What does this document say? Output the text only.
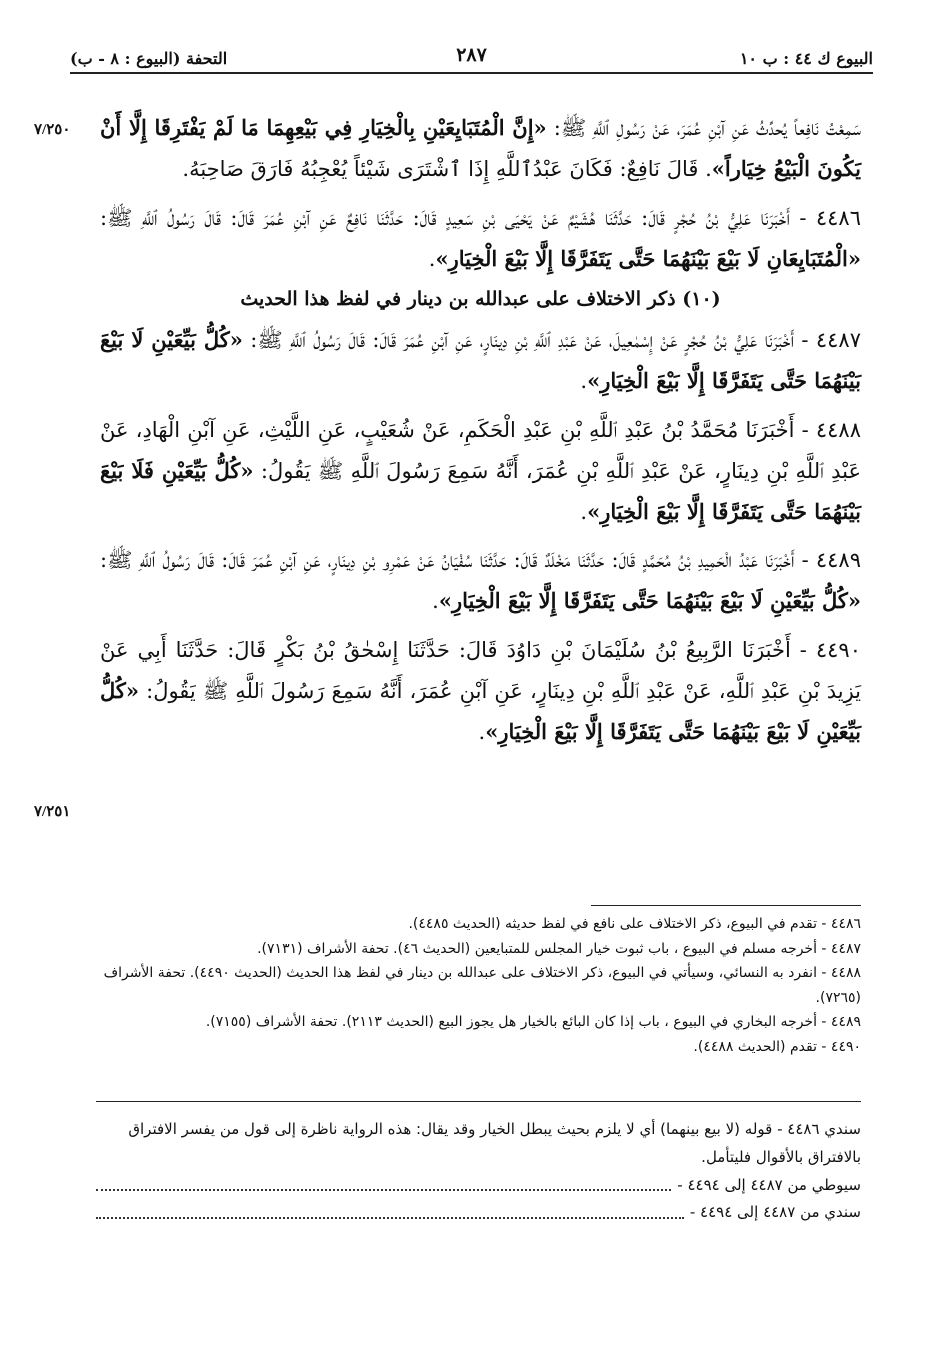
البيوع ك ٤٤ : ب ١٠
٢٨٧
التحفة (البيوع : ٨ - ب)
٧/٢٥٠
٧/٢٥١

سَمِعْتُ نَافِعاً يُحدِّثُ عَنِ آبْنِ عُمَرَ، عَنْ رَسُولِ ٱللَّهِ ﷺ: «إِنَّ الْمُتَبَايِعَيْنِ بِالْخِيَارِ فِي بَيْعِهِمَا مَا لَمْ يَفْتَرِقَا إِلَّا أَنْ يَكُونَ الْبَيْعُ خِيَاراً». قَالَ نَافِعٌ: فَكَانَ عَبْدُٱللَّهِ إِذَا ٱشْتَرَى شَيْئاً يُعْجِبُهُ فَارَقَ صَاحِبَهُ.

٤٤٨٦ - أَخْبَرَنَا عَلِيُّ بْنُ حُجْرٍ قَالَ: حَدَّثَنَا هُشَيْمٌ عَنْ يَحْيَى بْنِ سَعِيدٍ قَالَ: حَدَّثَنَا نَافِعٌ عَنِ آبْنِ عُمَرَ قَالَ: قَالَ رَسُولُ ٱللَّهِ ﷺ: «الْمُتَبَايِعَانِ لَا بَيْعَ بَيْنَهُمَا حَتَّى يَتَفَرَّقَا إِلَّا بَيْعَ الْخِيَارِ».

(١٠) ذكر الاختلاف على عبدالله بن دينار في لفظ هذا الحديث

٤٤٨٧ - أَخْبَرَنَا عَلِيُّ بْنُ حُجْرٍ عَنْ إِسْمٰعِيلَ، عَنْ عَبْدِ ٱللَّهِ بْنِ دِينَارٍ، عَنِ آبْنِ عُمَرَ قَالَ: قَالَ رَسُولُ ٱللَّهِ ﷺ: «كُلُّ بَيِّعَيْنِ لَا بَيْعَ بَيْنَهُمَا حَتَّى يَتَفَرَّقَا إِلَّا بَيْعَ الْخِيَارِ».

٤٤٨٨ - أَخْبَرَنَا مُحَمَّدُ بْنُ عَبْدِ ٱللَّهِ بْنِ عَبْدِ الْحَكَمِ، عَنْ شُعَيْبٍ، عَنِ اللَّيْثِ، عَنِ آبْنِ الْهَادِ، عَنْ عَبْدِ ٱللَّهِ بْنِ دِينَارٍ، عَنْ عَبْدِ ٱللَّهِ بْنِ عُمَرَ، أَنَّهُ سَمِعَ رَسُولَ ٱللَّهِ ﷺ يَقُولُ: «كُلُّ بَيِّعَيْنِ فَلَا بَيْعَ بَيْنَهُمَا حَتَّى يَتَفَرَّقَا إِلَّا بَيْعَ الْخِيَارِ».

٤٤٨٩ - أَخْبَرَنَا عَبْدُ الْحَمِيدِ بْنُ مُحَمَّدٍ قَالَ: حَدَّثَنَا مَخْلَدٌ قَالَ: حَدَّثَنَا سُفْيَانُ عَنْ عَمْرِو بْنِ دِينَارٍ، عَنِ آبْنِ عُمَرَ قَالَ: قَالَ رَسُولُ ٱللَّهِ ﷺ: «كُلُّ بَيِّعَيْنِ لَا بَيْعَ بَيْنَهُمَا حَتَّى يَتَفَرَّقَا إِلَّا بَيْعَ الْخِيَارِ».

٤٤٩٠ - أَخْبَرَنَا الرَّبِيعُ بْنُ سُلَيْمَانَ بْنِ دَاوُدَ قَالَ: حَدَّثَنَا إِسْحٰقُ بْنُ بَكْرٍ قَالَ: حَدَّثَنَا أَبِي عَنْ يَزِيدَ بْنِ عَبْدِ ٱللَّهِ، عَنْ عَبْدِ ٱللَّهِ بْنِ دِينَارٍ، عَنِ آبْنِ عُمَرَ، أَنَّهُ سَمِعَ رَسُولَ ٱللَّهِ ﷺ يَقُولُ: «كُلُّ بَيِّعَيْنِ لَا بَيْعَ بَيْنَهُمَا حَتَّى يَتَفَرَّقَا إِلَّا بَيْعَ الْخِيَارِ».

٤٤٨٦ - تقدم في البيوع، ذكر الاختلاف على نافع في لفظ حديثه (الحديث ٤٤٨٥).

٤٤٨٧ - أخرجه مسلم في البيوع ، باب ثبوت خيار المجلس للمتبايعين (الحديث ٤٦). تحفة الأشراف (٧١٣١).

٤٤٨٨ - انفرد به النسائي، وسيأتي في البيوع، ذكر الاختلاف على عبدالله بن دينار في لفظ هذا الحديث (الحديث ٤٤٩٠). تحفة الأشراف (٧٢٦٥).

٤٤٨٩ - أخرجه البخاري في البيوع ، باب إذا كان البائع بالخيار هل يجوز البيع (الحديث ٢١١٣). تحفة الأشراف (٧١٥٥).

٤٤٩٠ - تقدم (الحديث ٤٤٨٨).

سندي ٤٤٨٦ - قوله (لا بيع بينهما) أي لا يلزم بحيث يبطل الخيار وقد يقال: هذه الرواية ناظرة إلى قول من يفسر الافتراق بالافتراق بالأقوال فليتأمل.

سيوطي من ٤٤٨٧ إلى ٤٤٩٤ -
سندي من ٤٤٨٧ إلى ٤٤٩٤ -
